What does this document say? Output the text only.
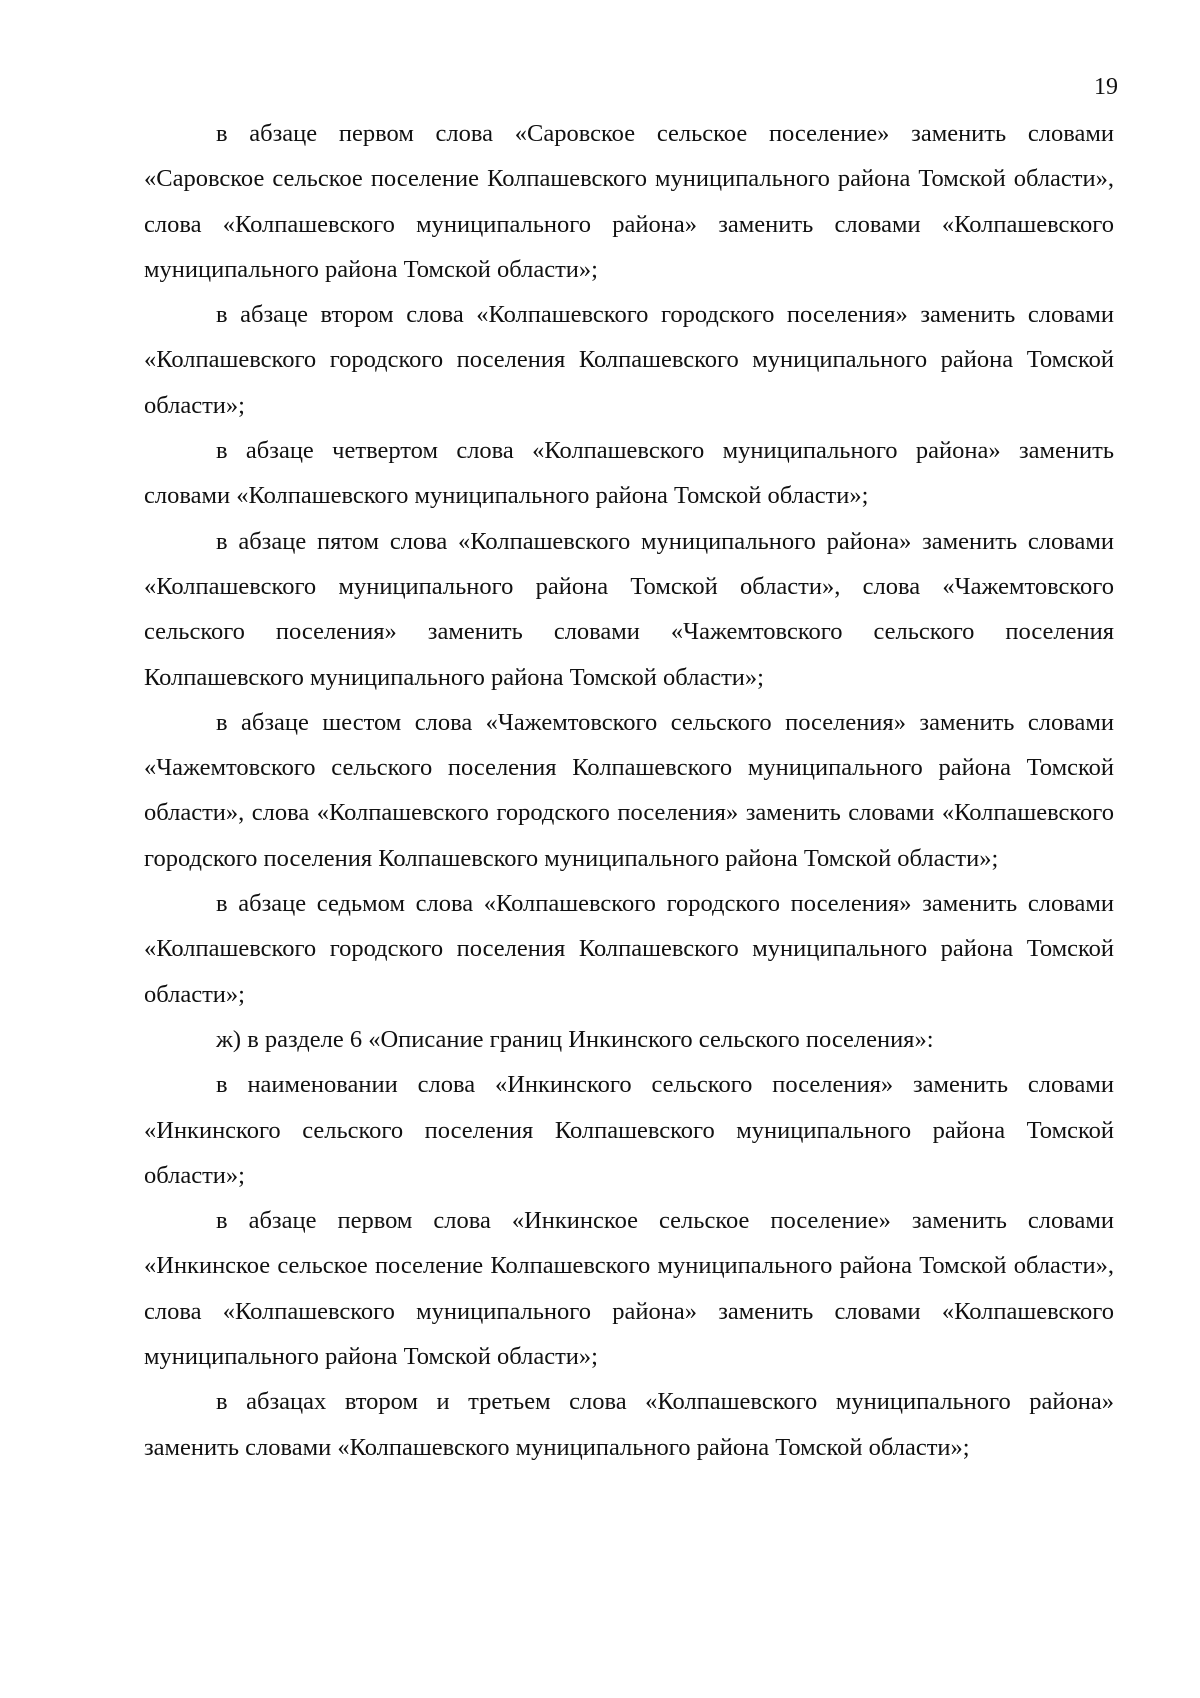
19

в абзаце первом слова «Саровское сельское поселение» заменить словами «Саровское сельское поселение Колпашевского муниципального района Томской области», слова «Колпашевского муниципального района» заменить словами «Колпашевского муниципального района Томской области»;

в абзаце втором слова «Колпашевского городского поселения» заменить словами «Колпашевского городского поселения Колпашевского муниципального района Томской области»;

в абзаце четвертом слова «Колпашевского муниципального района» заменить словами «Колпашевского муниципального района Томской области»;

в абзаце пятом слова «Колпашевского муниципального района» заменить словами «Колпашевского муниципального района Томской области», слова «Чажемтовского сельского поселения» заменить словами «Чажемтовского сельского поселения Колпашевского муниципального района Томской области»;

в абзаце шестом слова «Чажемтовского сельского поселения» заменить словами «Чажемтовского сельского поселения Колпашевского муниципального района Томской области», слова «Колпашевского городского поселения» заменить словами «Колпашевского городского поселения Колпашевского муниципального района Томской области»;

в абзаце седьмом слова «Колпашевского городского поселения» заменить словами «Колпашевского городского поселения Колпашевского муниципального района Томской области»;

ж) в разделе 6 «Описание границ Инкинского сельского поселения»:

в наименовании слова «Инкинского сельского поселения» заменить словами «Инкинского сельского поселения Колпашевского муниципального района Томской области»;

в абзаце первом слова «Инкинское сельское поселение» заменить словами «Инкинское сельское поселение Колпашевского муниципального района Томской области», слова «Колпашевского муниципального района» заменить словами «Колпашевского муниципального района Томской области»;

в абзацах втором и третьем слова «Колпашевского муниципального района» заменить словами «Колпашевского муниципального района Томской области»;
